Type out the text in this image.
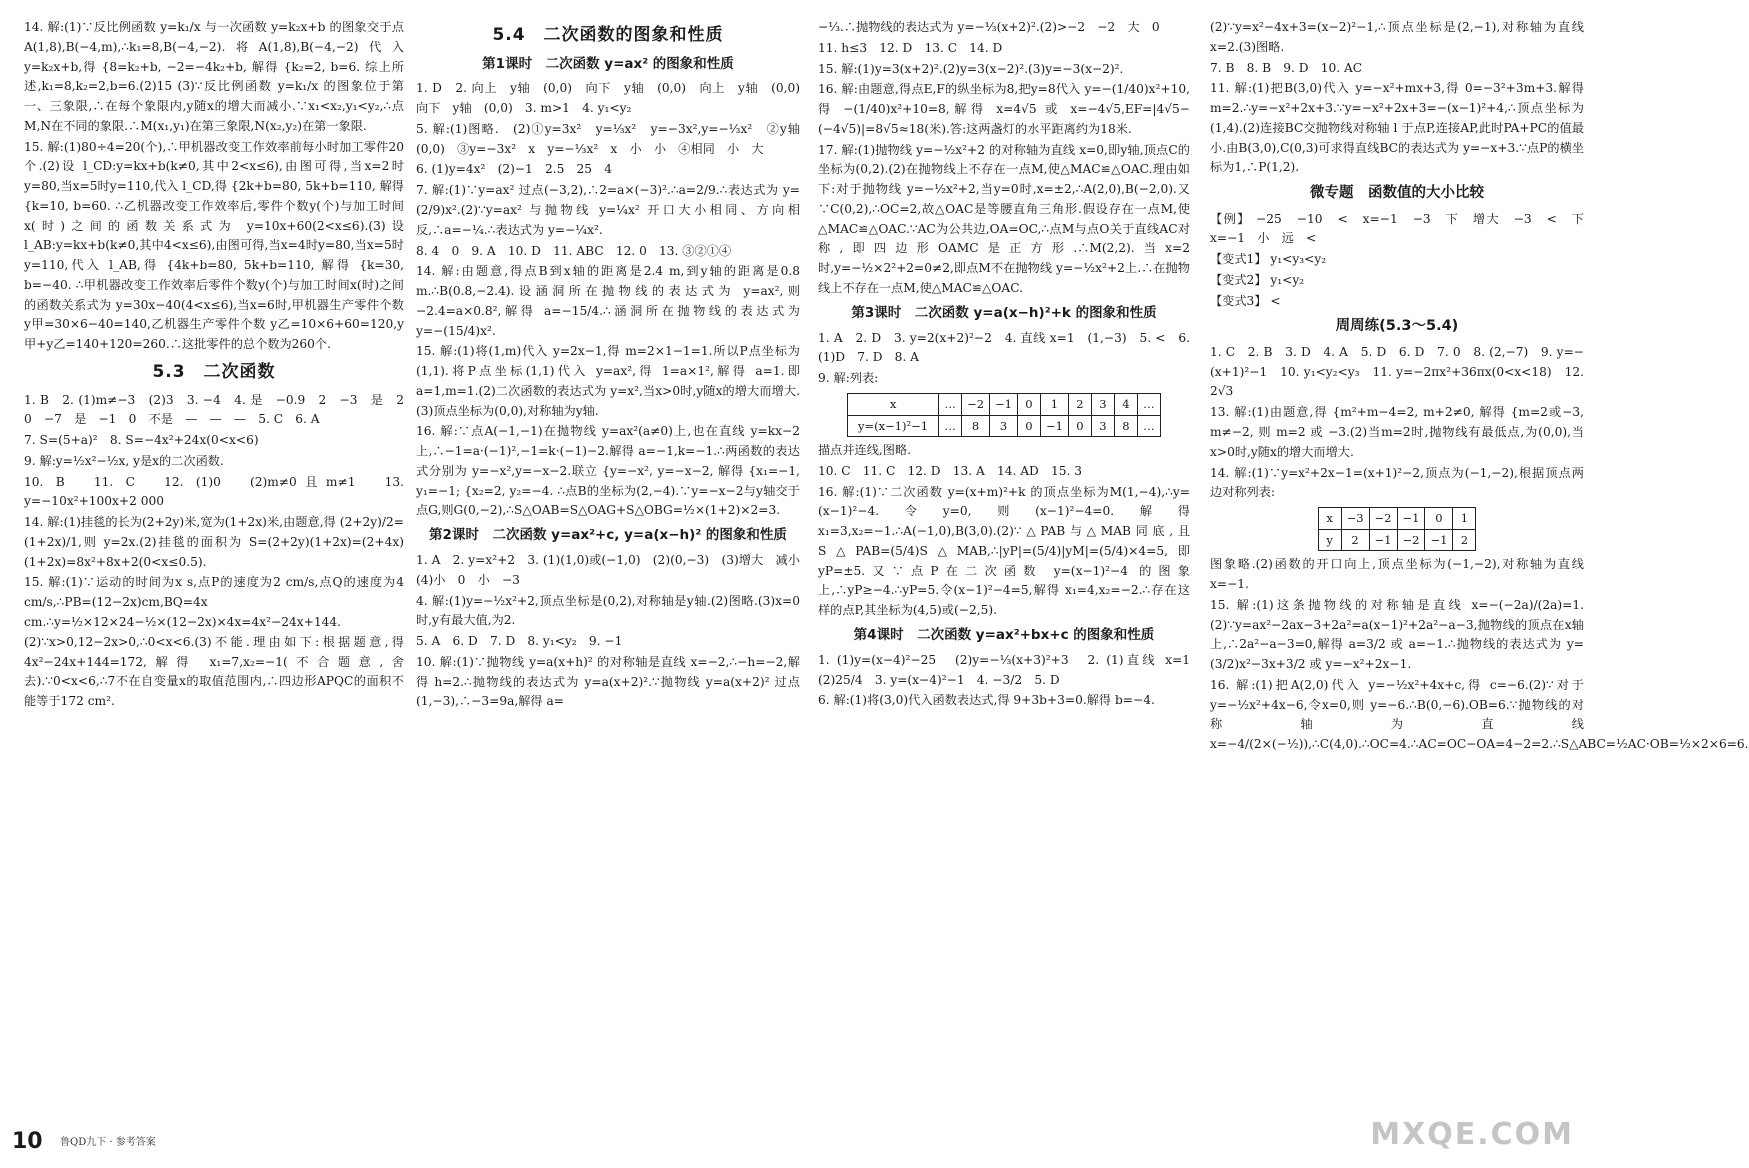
14. 解:(1)∵反比例函数 y=k₁/x 与一次函数 y=k₂x+b 的图象交于点A(1,8),B(−4,m),∴k₁=8,B(−4,−2).将A(1,8),B(−4,−2)代入 y=k₂x+b,得 {8=k₂+b, −2=−4k₂+b, 解得 {k₂=2, b=6. 综上所述,k₁=8,k₂=2,b=6.(2)15 (3)∵反比例函数 y=k₁/x 的图象位于第一、三象限,∴在每个象限内,y随x的增大而减小.∵x₁<x₂,y₁<y₂,∴点M,N在不同的象限.∴M(x₁,y₁)在第三象限,N(x₂,y₂)在第一象限.

15. 解:(1)80÷4=20(个),∴甲机器改变工作效率前每小时加工零件20个.(2)设 l_CD:y=kx+b(k≠0,其中2<x≤6),由图可得,当x=2时y=80,当x=5时y=110,代入 l_CD,得 {2k+b=80, 5k+b=110, 解得 {k=10, b=60. ∴乙机器改变工作效率后,零件个数y(个)与加工时间x(时)之间的函数关系式为 y=10x+60(2<x≤6).(3)设 l_AB:y=kx+b(k≠0,其中4<x≤6),由图可得,当x=4时y=80,当x=5时y=110,代入 l_AB,得 {4k+b=80, 5k+b=110, 解得 {k=30, b=−40. ∴甲机器改变工作效率后零件个数y(个)与加工时间x(时)之间的函数关系式为 y=30x−40(4<x≤6),当x=6时,甲机器生产零件个数 y甲=30×6−40=140,乙机器生产零件个数 y乙=10×6+60=120,y甲+y乙=140+120=260.∴这批零件的总个数为260个.

5.3　二次函数

1. B　2. (1)m≠−3　(2)3　3. −4　4. 是　−0.9　2　−3　是　2　0　−7　是　−1　0　不是　—　—　—　5. C　6. A

7. S=(5+a)²　8. S=−4x²+24x(0<x<6)

9. 解:y=½x²−½x, y是x的二次函数.

10. B　11. C　12. (1)0　(2)m≠0且m≠1　13. y=−10x²+100x+2 000

14. 解:(1)挂毯的长为(2+2y)米,宽为(1+2x)米,由题意,得 (2+2y)/2=(1+2x)/1,则 y=2x.(2)挂毯的面积为 S=(2+2y)(1+2x)=(2+4x)(1+2x)=8x²+8x+2(0<x≤0.5).

15. 解:(1)∵运动的时间为x s,点P的速度为2 cm/s,点Q的速度为4 cm/s,∴PB=(12−2x)cm,BQ=4x cm.∴y=½×12×24−½×(12−2x)×4x=4x²−24x+144.(2)∵x>0,12−2x>0,∴0<x<6.(3)不能.理由如下:根据题意,得 4x²−24x+144=172,解得 x₁=7,x₂=−1(不合题意,舍去).∵0<x<6,∴7不在自变量x的取值范围内,∴四边形APQC的面积不能等于172 cm².

5.4　二次函数的图象和性质
第1课时　二次函数 y=ax² 的图象和性质

1. D　2. 向上　y轴　(0,0)　向下　y轴　(0,0)　向上　y轴　(0,0)　向下　y轴　(0,0)　3. m>1　4. y₁<y₂

5. 解:(1)图略.　(2)①y=3x²　y=⅓x²　y=−3x²,y=−⅓x²　②y轴　(0,0)　③y=−3x²　x　y=−⅓x²　x　小　小　④相同　小　大

6. (1)y=4x²　(2)−1　2.5　25　4

7. 解:(1)∵y=ax² 过点(−3,2),∴2=a×(−3)².∴a=2/9.∴表达式为 y=(2/9)x².(2)∵y=ax² 与抛物线 y=¼x² 开口大小相同、方向相反,∴a=−¼.∴表达式为 y=−¼x².

8. 4　0　9. A　10. D　11. ABC　12. 0　13. ③②①④

14. 解:由题意,得点B到x轴的距离是2.4 m,到y轴的距离是0.8 m.∴B(0.8,−2.4).设涵洞所在抛物线的表达式为 y=ax²,则 −2.4=a×0.8²,解得 a=−15/4.∴涵洞所在抛物线的表达式为 y=−(15/4)x².

15. 解:(1)将(1,m)代入 y=2x−1,得 m=2×1−1=1.所以P点坐标为(1,1).将P点坐标(1,1)代入 y=ax²,得 1=a×1²,解得 a=1.即 a=1,m=1.(2)二次函数的表达式为 y=x²,当x>0时,y随x的增大而增大.(3)顶点坐标为(0,0),对称轴为y轴.

16. 解:∵点A(−1,−1)在抛物线 y=ax²(a≠0)上,也在直线 y=kx−2上,∴−1=a·(−1)²,−1=k·(−1)−2.解得 a=−1,k=−1.∴两函数的表达式分别为 y=−x²,y=−x−2.联立 {y=−x², y=−x−2, 解得 {x₁=−1, y₁=−1; {x₂=2, y₂=−4. ∴点B的坐标为(2,−4).∵y=−x−2与y轴交于点G,则G(0,−2),∴S△OAB=S△OAG+S△OBG=½×(1+2)×2=3.

第2课时　二次函数 y=ax²+c, y=a(x−h)² 的图象和性质

1. A　2. y=x²+2　3. (1)(1,0)或(−1,0)　(2)(0,−3)　(3)增大　减小　(4)小　0　小　−3

4. 解:(1)y=−½x²+2,顶点坐标是(0,2),对称轴是y轴.(2)图略.(3)x=0时,y有最大值,为2.

5. A　6. D　7. D　8. y₁<y₂　9. −1

10. 解:(1)∵抛物线 y=a(x+h)² 的对称轴是直线 x=−2,∴−h=−2,解得 h=2.∴抛物线的表达式为 y=a(x+2)².∵抛物线 y=a(x+2)² 过点(1,−3),∴−3=9a,解得 a=

−⅓.∴抛物线的表达式为 y=−⅓(x+2)².(2)>−2　−2　大　0

11. h≤3　12. D　13. C　14. D

15. 解:(1)y=3(x+2)².(2)y=3(x−2)².(3)y=−3(x−2)².

16. 解:由题意,得点E,F的纵坐标为8,把y=8代入 y=−(1/40)x²+10,得 −(1/40)x²+10=8,解得 x=4√5 或 x=−4√5,EF=|4√5−(−4√5)|=8√5≈18(米).答:这两盏灯的水平距离约为18米.

17. 解:(1)抛物线 y=−½x²+2 的对称轴为直线 x=0,即y轴,顶点C的坐标为(0,2).(2)在抛物线上不存在一点M,使△MAC≌△OAC.理由如下:对于抛物线 y=−½x²+2,当y=0时,x=±2,∴A(2,0),B(−2,0).又∵C(0,2),∴OC=2,故△OAC是等腰直角三角形.假设存在一点M,使△MAC≌△OAC.∵AC为公共边,OA=OC,∴点M与点O关于直线AC对称,即四边形OAMC是正方形.∴M(2,2).当x=2时,y=−½×2²+2=0≠2,即点M不在抛物线 y=−½x²+2上.∴在抛物线上不存在一点M,使△MAC≌△OAC.

第3课时　二次函数 y=a(x−h)²+k 的图象和性质

1. A　2. D　3. y=2(x+2)²−2　4. 直线 x=1　(1,−3)　5. <　6. (1)D　7. D　8. A

9. 解:列表:

x	…	−2	−1	0	1	2	3	4	…
y=(x−1)²−1	…	8	3	0	−1	0	3	8	…

描点并连线,图略.

10. C　11. C　12. D　13. A　14. AD　15. 3

16. 解:(1)∵二次函数 y=(x+m)²+k 的顶点坐标为M(1,−4),∴y=(x−1)²−4.令y=0,则(x−1)²−4=0.解得 x₁=3,x₂=−1.∴A(−1,0),B(3,0).(2)∵△PAB与△MAB同底,且 S△PAB=(5/4)S△MAB,∴|yP|=(5/4)|yM|=(5/4)×4=5,即 yP=±5.又∵点P在二次函数 y=(x−1)²−4 的图象上,∴yP≥−4.∴yP=5.令(x−1)²−4=5,解得 x₁=4,x₂=−2.∴存在这样的点P,其坐标为(4,5)或(−2,5).

第4课时　二次函数 y=ax²+bx+c 的图象和性质

1. (1)y=(x−4)²−25　(2)y=−⅓(x+3)²+3　2. (1)直线 x=1　(2)25/4　3. y=(x−4)²−1　4. −3/2　5. D

6. 解:(1)将(3,0)代入函数表达式,得 9+3b+3=0.解得 b=−4.

(2)∵y=x²−4x+3=(x−2)²−1,∴顶点坐标是(2,−1),对称轴为直线 x=2.(3)图略.

7. B　8. B　9. D　10. AC

11. 解:(1)把B(3,0)代入 y=−x²+mx+3,得 0=−3²+3m+3.解得 m=2.∴y=−x²+2x+3.∵y=−x²+2x+3=−(x−1)²+4,∴顶点坐标为(1,4).(2)连接BC交抛物线对称轴 l 于点P,连接AP,此时PA+PC的值最小.由B(3,0),C(0,3)可求得直线BC的表达式为 y=−x+3.∵点P的横坐标为1,∴P(1,2).

微专题　函数值的大小比较

【例】 −25　−10　<　x=−1　−3　下　增大　−3　<　下　x=−1　小　远　<

【变式1】 y₁<y₃<y₂

【变式2】 y₁<y₂

【变式3】 <

周周练(5.3～5.4)

1. C　2. B　3. D　4. A　5. D　6. D　7. 0　8. (2,−7)　9. y=−(x+1)²−1　10. y₁<y₂<y₃　11. y=−2πx²+36πx(0<x<18)　12. 2√3

13. 解:(1)由题意,得 {m²+m−4=2, m+2≠0, 解得 {m=2或−3, m≠−2, 则 m=2 或 −3.(2)当m=2时,抛物线有最低点,为(0,0),当x>0时,y随x的增大而增大.

14. 解:(1)∵y=x²+2x−1=(x+1)²−2,顶点为(−1,−2),根据顶点两边对称列表:

x	−3	−2	−1	0	1
y	2	−1	−2	−1	2

图象略.(2)函数的开口向上,顶点坐标为(−1,−2),对称轴为直线 x=−1.

15. 解:(1)这条抛物线的对称轴是直线 x=−(−2a)/(2a)=1.(2)∵y=ax²−2ax−3+2a²=a(x−1)²+2a²−a−3,抛物线的顶点在x轴上,∴2a²−a−3=0,解得 a=3/2 或 a=−1.∴抛物线的表达式为 y=(3/2)x²−3x+3/2 或 y=−x²+2x−1.

16. 解:(1)把A(2,0)代入 y=−½x²+4x+c,得 c=−6.(2)∵对于 y=−½x²+4x−6,令x=0,则 y=−6.∴B(0,−6).OB=6.∵抛物线的对称轴为直线 x=−4/(2×(−½)),∴C(4,0).∴OC=4.∴AC=OC−OA=4−2=2.∴S△ABC=½AC·OB=½×2×6=6.

10 鲁QD九下 · 参考答案	MXQE.COM
